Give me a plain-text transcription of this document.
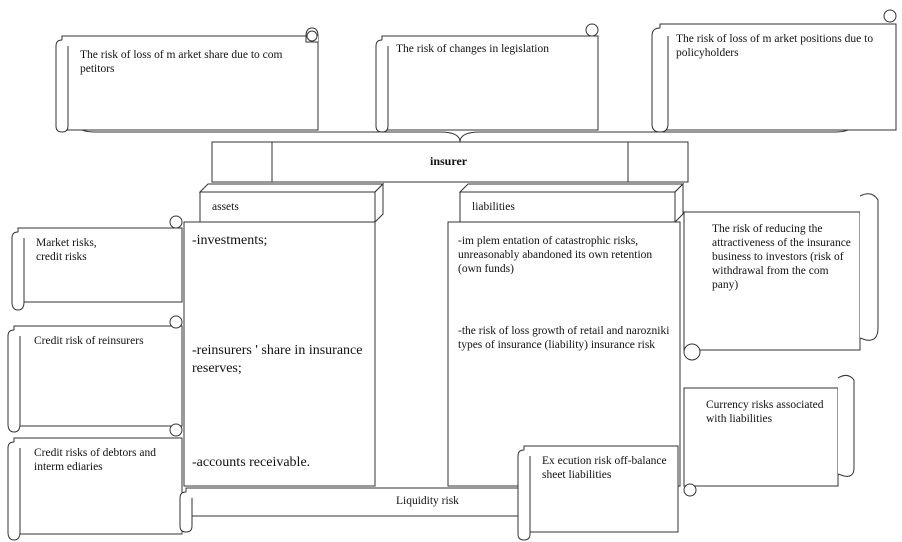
The risk of loss of m arket share due to com petitors
The risk of changes in legislation
The risk of loss of m arket positions due to policyholders
insurer
assets	liabilities
-investments;
-reinsurers ' share in insurance reserves;
-accounts receivable.
-im plem entation of catastrophic risks, unreasonably abandoned its own retention
(own funds)
-the risk of loss growth of retail and narozniki types of insurance (liability) insurance risk
Market risks,
credit risks
Credit risk of reinsurers
Credit risks of debtors and interm ediaries
The risk of reducing the attractiveness of the insurance business to investors (risk of withdrawal from the com pany)
Currency risks associated with liabilities
Ex ecution risk off-balance sheet liabilities
Liquidity risk
